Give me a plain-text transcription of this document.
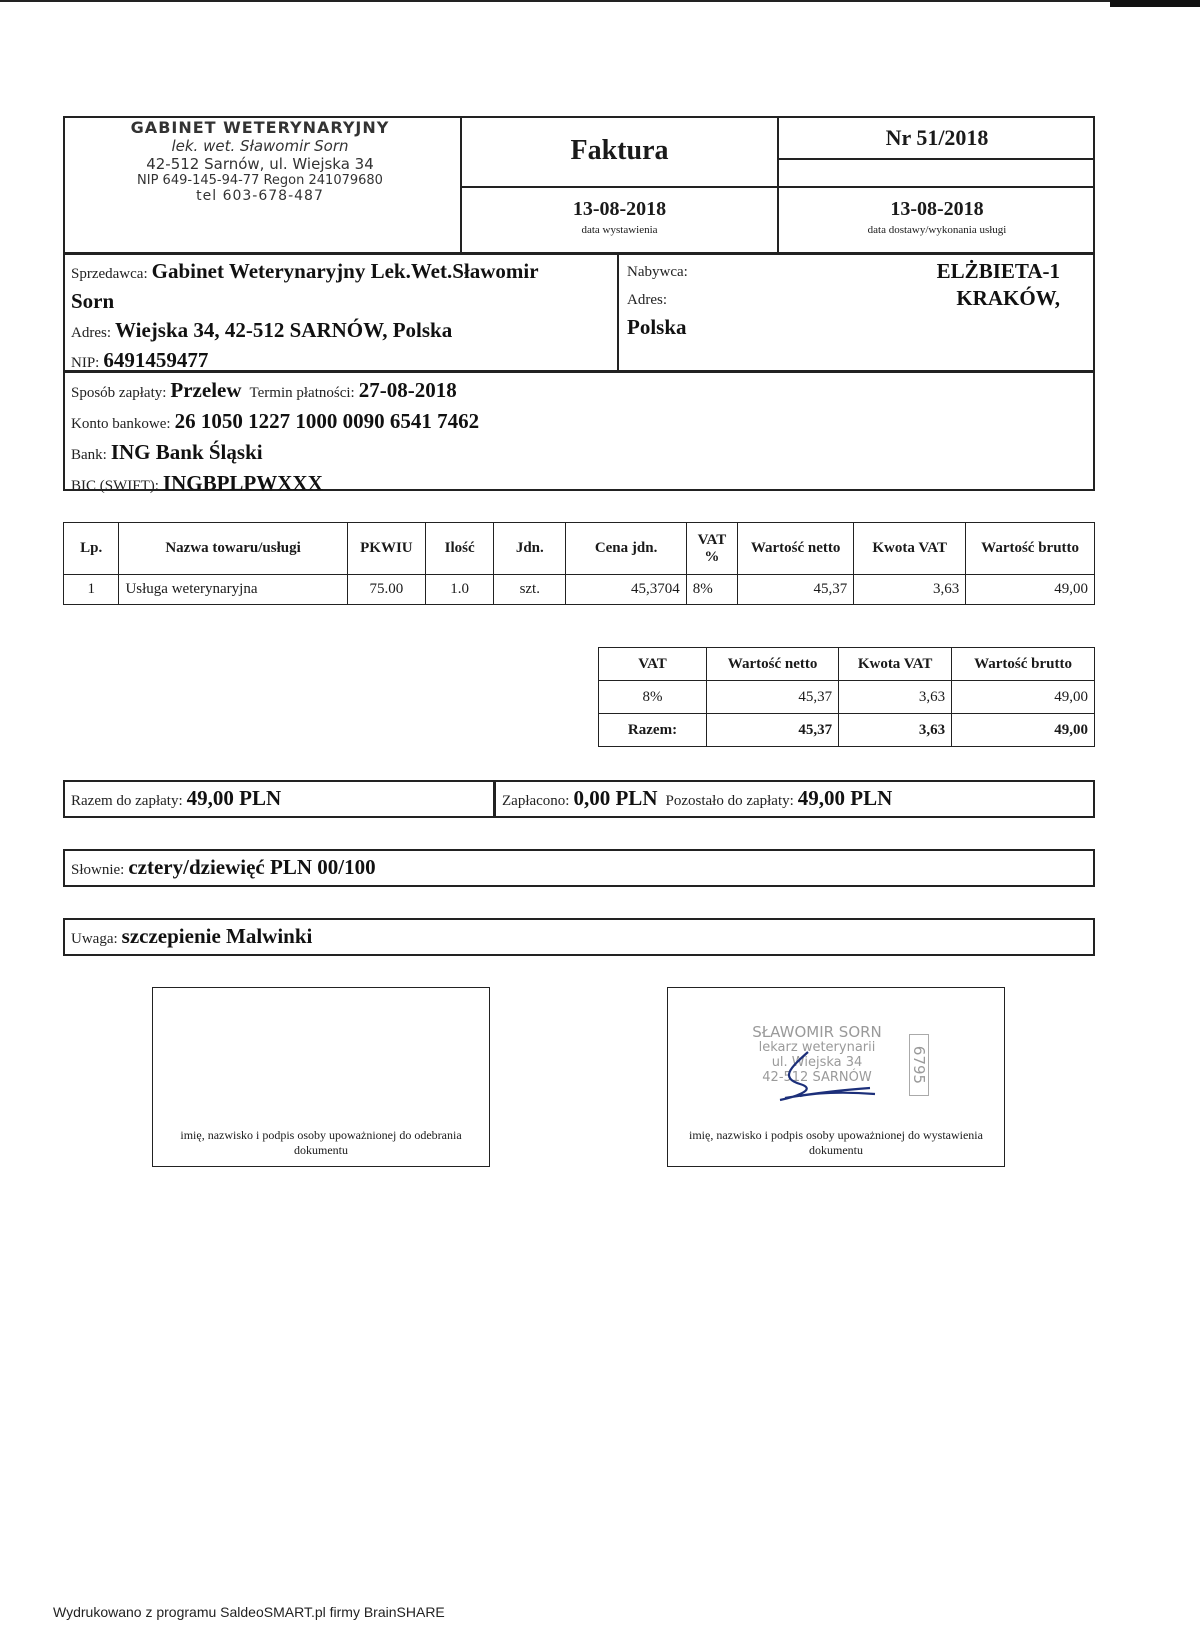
GABINET WETERYNARYJNY
lek. wet. Sławomir Sorn
42-512 Sarnów, ul. Wiejska 34
NIP 649-145-94-77 Regon 241079680
tel 603-678-487
Faktura	Nr 51/2018
13-08-2018
data wystawienia
13-08-2018
data dostawy/wykonania usługi
Sprzedawca: Gabinet Weterynaryjny Lek.Wet.Sławomir
Sorn
Adres: Wiejska 34, 42-512 SARNÓW, Polska
NIP: 6491459477
Nabywca:
Adres:
Polska
ELŻBIETA-1
KRAKÓW,
Sposób zapłaty: Przelew Termin płatności: 27-08-2018
Konto bankowe: 26 1050 1227 1000 0090 6541 7462
Bank: ING Bank Śląski
BIC (SWIFT): INGBPLPWXXX
Lp.	Nazwa towaru/usługi	PKWIU	Ilość	Jdn.	Cena jdn.	VAT %	Wartość netto	Kwota VAT	Wartość brutto
1	Usługa weterynaryjna	75.00	1.0	szt.	45,3704	8%	45,37	3,63	49,00
VAT	Wartość netto	Kwota VAT	Wartość brutto
8%	45,37	3,63	49,00
Razem:	45,37	3,63	49,00
Razem do zapłaty: 49,00 PLN	Zapłacono: 0,00 PLN Pozostało do zapłaty: 49,00 PLN
Słownie: cztery/dziewięć PLN 00/100
Uwaga: szczepienie Malwinki
imię, nazwisko i podpis osoby upoważnionej do odebrania dokumentu
SŁAWOMIR SORN
lekarz weterynarii
ul. Wiejska 34
42-512 SARNÓW	6795
imię, nazwisko i podpis osoby upoważnionej do wystawienia dokumentu
Wydrukowano z programu SaldeoSMART.pl firmy BrainSHARE
